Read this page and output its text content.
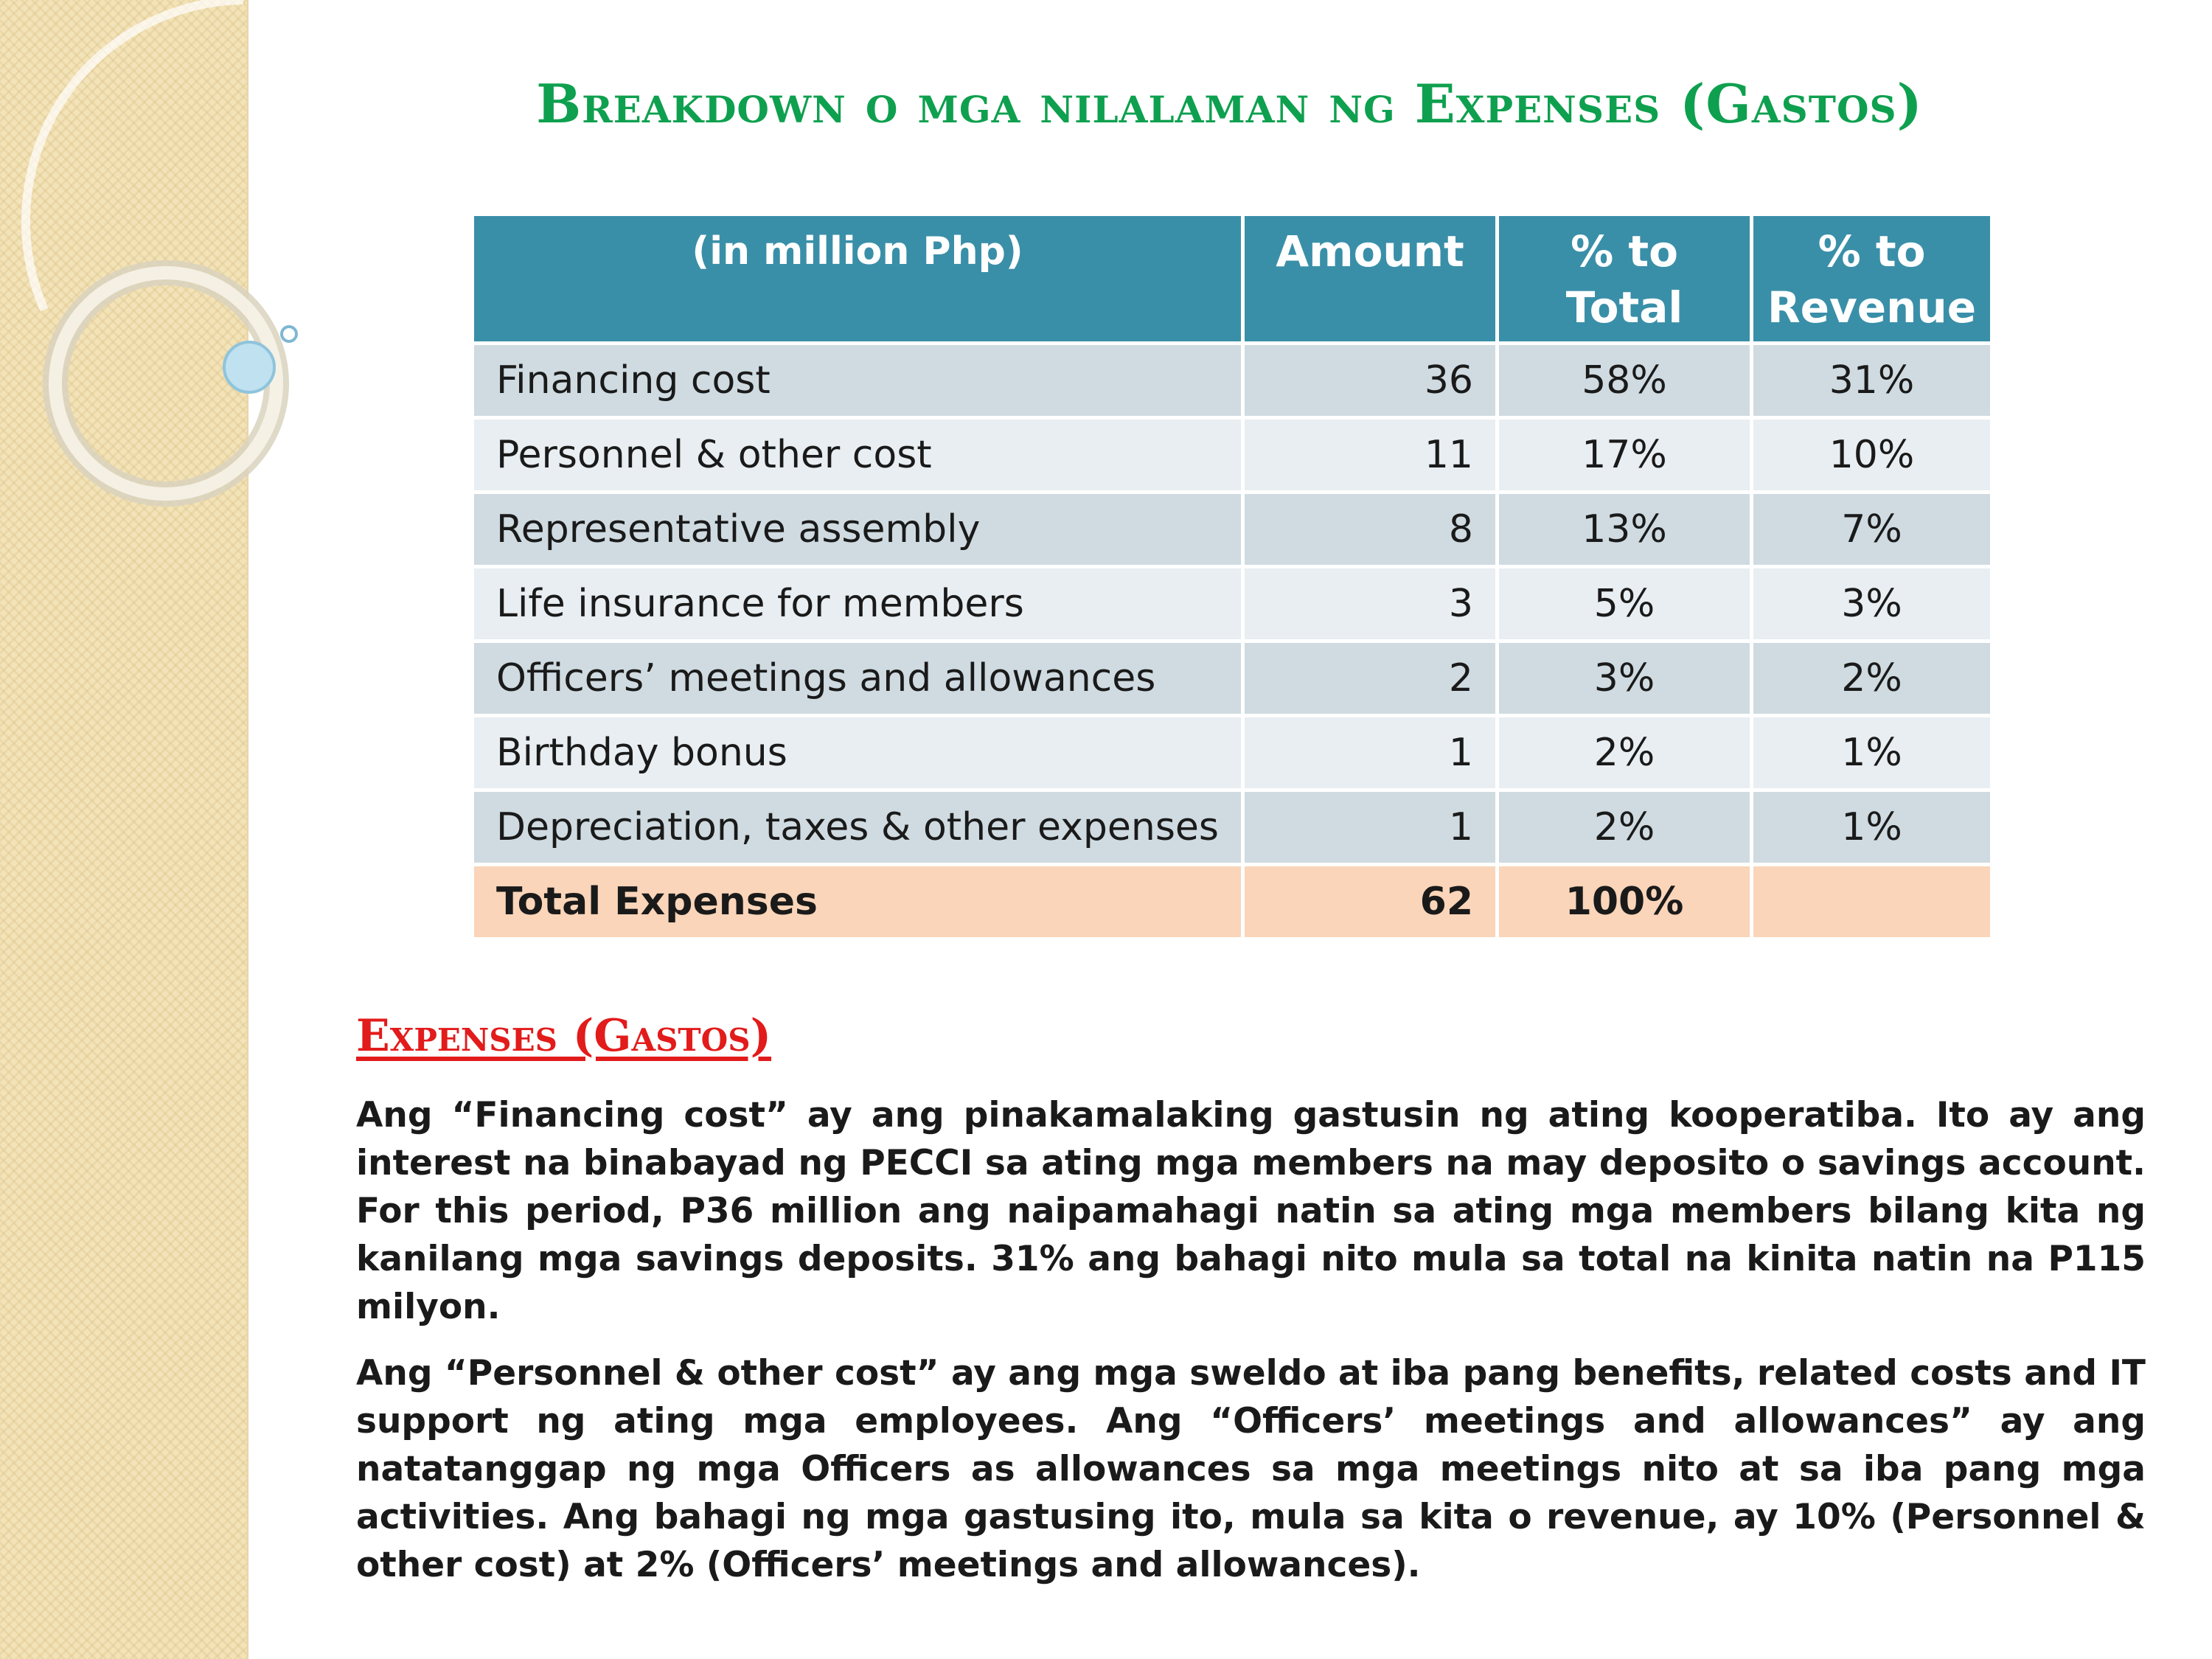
Breakdown o mga nilalaman ng Expenses (Gastos)
(in million Php)	Amount	% to Total	% to Revenue
Financing cost	36	58%	31%
Personnel & other cost	11	17%	10%
Representative assembly	8	13%	7%
Life insurance for members	3	5%	3%
Officers’ meetings and allowances	2	3%	2%
Birthday bonus	1	2%	1%
Depreciation, taxes & other expenses	1	2%	1%
Total Expenses	62	100%	
Expenses (Gastos)

Ang “Financing cost” ay ang pinakamalaking gastusin ng ating kooperatiba. Ito ay ang interest na binabayad ng PECCI sa ating mga members na may deposito o savings account. For this period, P36 million ang naipamahagi natin sa ating mga members bilang kita ng kanilang mga savings deposits. 31% ang bahagi nito mula sa total na kinita natin na P115 milyon.

Ang “Personnel & other cost” ay ang mga sweldo at iba pang benefits, related costs and IT support ng ating mga employees. Ang “Officers’ meetings and allowances” ay ang natatanggap ng mga Officers as allowances sa mga meetings nito at sa iba pang mga activities. Ang bahagi ng mga gastusing ito, mula sa kita o revenue, ay 10% (Personnel & other cost) at 2% (Officers’ meetings and allowances).
